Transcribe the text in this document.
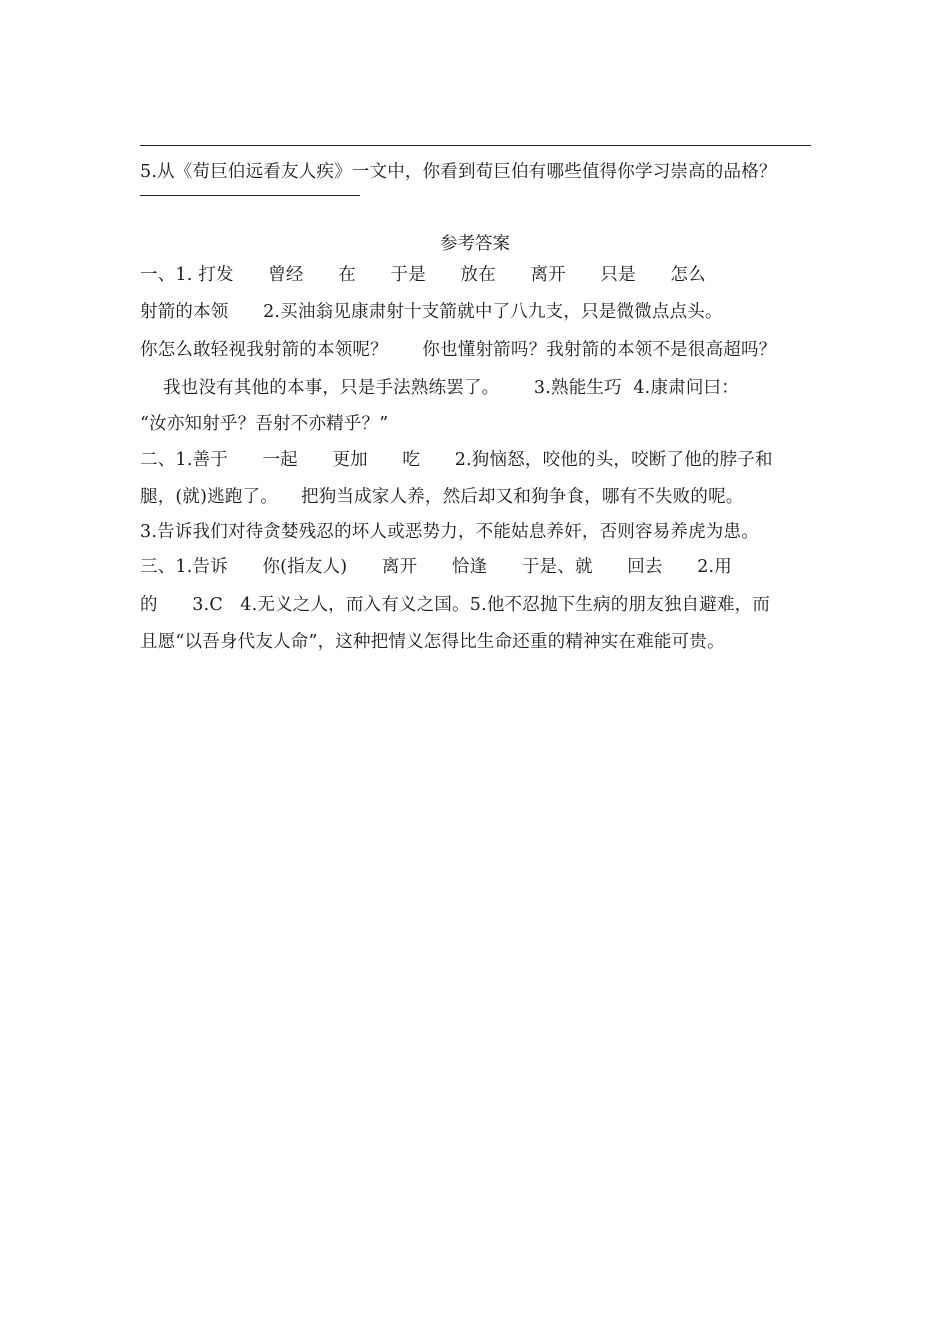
5.从《荀巨伯远看友人疾》一文中，你看到荀巨伯有哪些值得你学习崇高的品格？
参考答案
一、1. 打发      曾经      在      于是      放在      离开      只是      怎么
射箭的本领      2.买油翁见康肃射十支箭就中了八九支，只是微微点点头。
你怎么敢轻视我射箭的本领呢？      你也懂射箭吗？我射箭的本领不是很高超吗？
我也没有其他的本事，只是手法熟练罢了。      3.熟能生巧  4.康肃问曰：
“汝亦知射乎？吾射不亦精乎？”
二、1.善于      一起      更加      吃      2.狗恼怒，咬他的头，咬断了他的脖子和
腿，(就)逃跑了。    把狗当成家人养，然后却又和狗争食，哪有不失败的呢。
3.告诉我们对待贪婪残忍的坏人或恶势力，不能姑息养奸，否则容易养虎为患。
三、1.告诉      你(指友人)      离开      恰逢      于是、就      回去      2.用
的      3.C   4.无义之人，而入有义之国。5.他不忍抛下生病的朋友独自避难，而
且愿“以吾身代友人命”，这种把情义怎得比生命还重的精神实在难能可贵。
